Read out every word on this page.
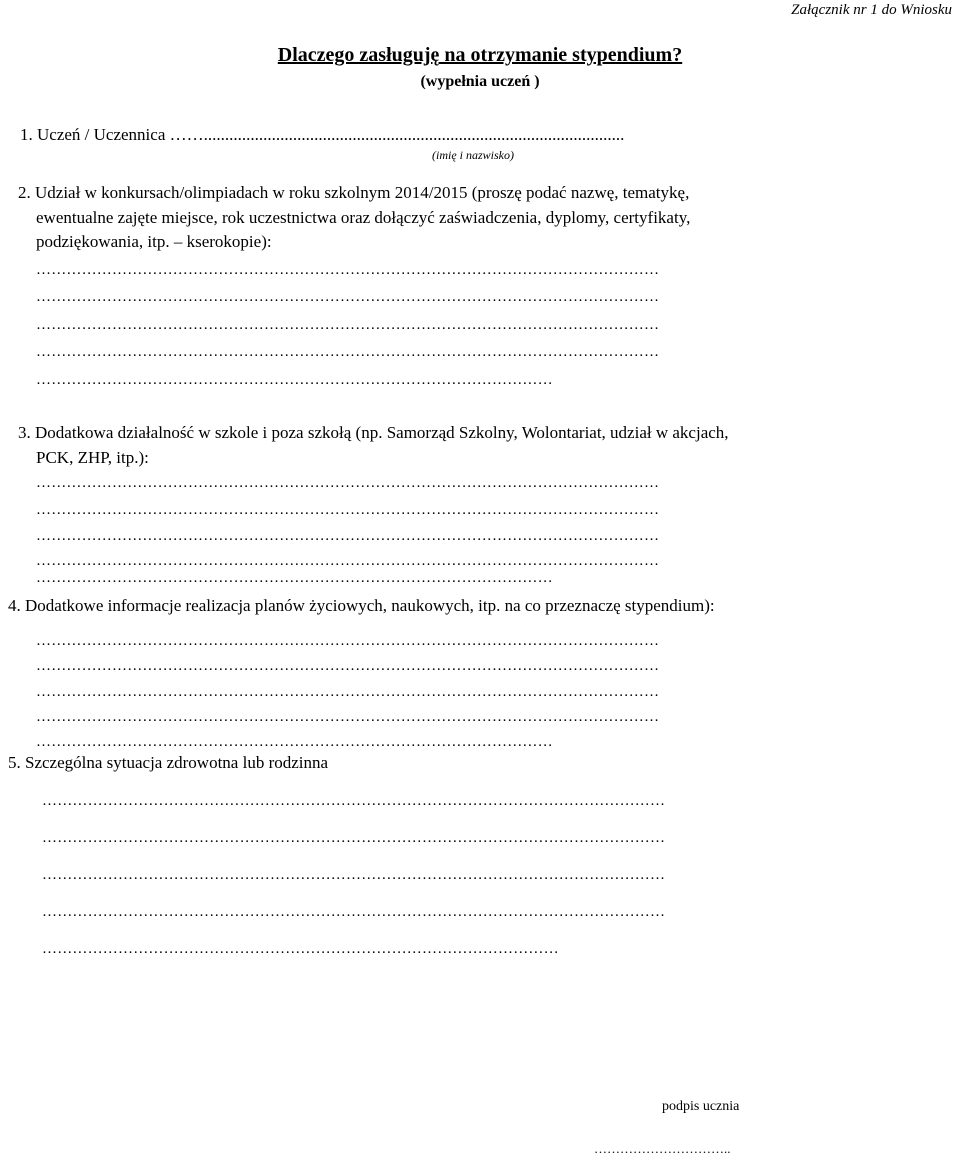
Załącznik nr 1 do Wniosku
Dlaczego zasługuję na otrzymanie stypendium?
(wypełnia uczeń )
1. Uczeń / Uczennica ……...................................................................................................
(imię i nazwisko)
2. Udział w konkursach/olimpiadach w roku szkolnym 2014/2015 (proszę podać nazwę, tematykę,
ewentualne zajęte miejsce, rok uczestnictwa oraz dołączyć zaświadczenia, dyplomy, certyfikaty,
podziękowania, itp. – kserokopie):
……………………………………………………………………………………………………………
……………………………………………………………………………………………………………
……………………………………………………………………………………………………………
……………………………………………………………………………………………………………
…………………………………………………………………………………………
3. Dodatkowa działalność w szkole i poza szkołą (np. Samorząd Szkolny, Wolontariat, udział w akcjach,
PCK, ZHP, itp.):
……………………………………………………………………………………………………………
……………………………………………………………………………………………………………
……………………………………………………………………………………………………………
……………………………………………………………………………………………………………
…………………………………………………………………………………………
4. Dodatkowe informacje realizacja planów życiowych, naukowych, itp. na co przeznaczę stypendium):
……………………………………………………………………………………………………………
……………………………………………………………………………………………………………
……………………………………………………………………………………………………………
……………………………………………………………………………………………………………
…………………………………………………………………………………………
5. Szczególna sytuacja zdrowotna lub rodzinna
……………………………………………………………………………………………………………
……………………………………………………………………………………………………………
……………………………………………………………………………………………………………
……………………………………………………………………………………………………………
…………………………………………………………………………………………
podpis ucznia
…………………………..
